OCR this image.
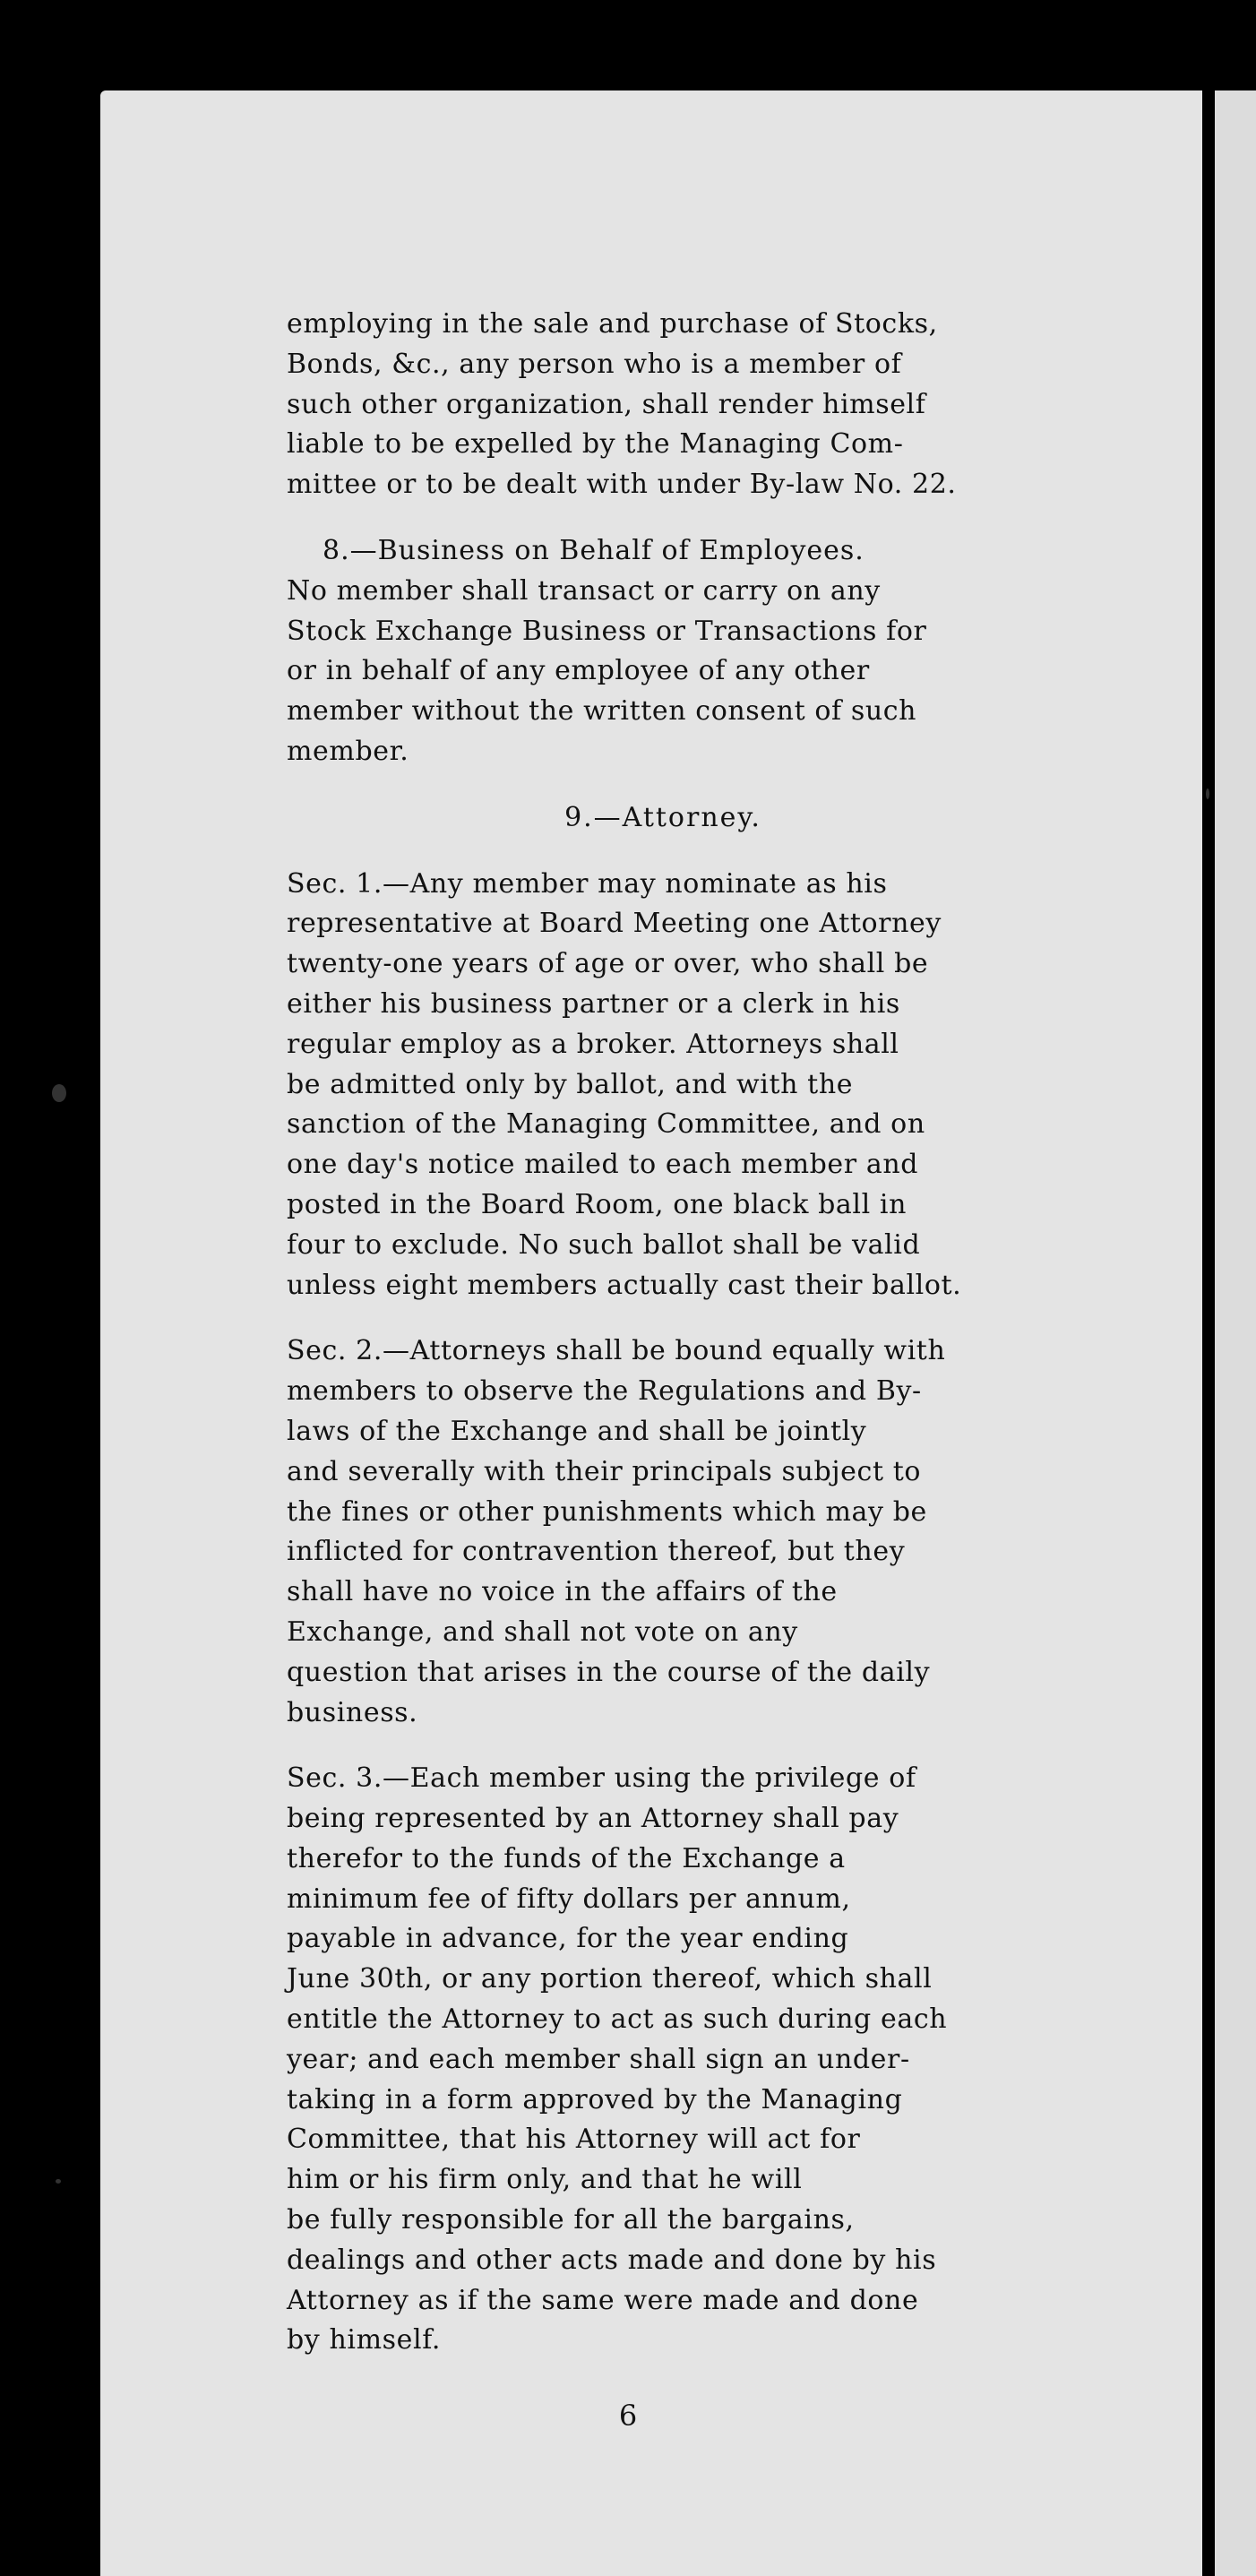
employing in the sale and purchase of Stocks,
Bonds, &c., any person who is a member of
such other organization, shall render himself
liable to be expelled by the Managing Com-
mittee or to be dealt with under By-law No. 22.

8.—Business on Behalf of Employees.
No member shall transact or carry on any
Stock Exchange Business or Transactions for
or in behalf of any employee of any other
member without the written consent of such
member.

9.—Attorney.

Sec. 1.—Any member may nominate as his
representative at Board Meeting one Attorney
twenty-one years of age or over, who shall be
either his business partner or a clerk in his
regular employ as a broker. Attorneys shall
be admitted only by ballot, and with the
sanction of the Managing Committee, and on
one day's notice mailed to each member and
posted in the Board Room, one black ball in
four to exclude. No such ballot shall be valid
unless eight members actually cast their ballot.

Sec. 2.—Attorneys shall be bound equally with
members to observe the Regulations and By-
laws of the Exchange and shall be jointly
and severally with their principals subject to
the fines or other punishments which may be
inflicted for contravention thereof, but they
shall have no voice in the affairs of the
Exchange, and shall not vote on any
question that arises in the course of the daily
business.

Sec. 3.—Each member using the privilege of
being represented by an Attorney shall pay
therefor to the funds of the Exchange a
minimum fee of fifty dollars per annum,
payable in advance, for the year ending
June 30th, or any portion thereof, which shall
entitle the Attorney to act as such during each
year; and each member shall sign an under-
taking in a form approved by the Managing
Committee, that his Attorney will act for
him or his firm only, and that he will
be fully responsible for all the bargains,
dealings and other acts made and done by his
Attorney as if the same were made and done
by himself.

6
